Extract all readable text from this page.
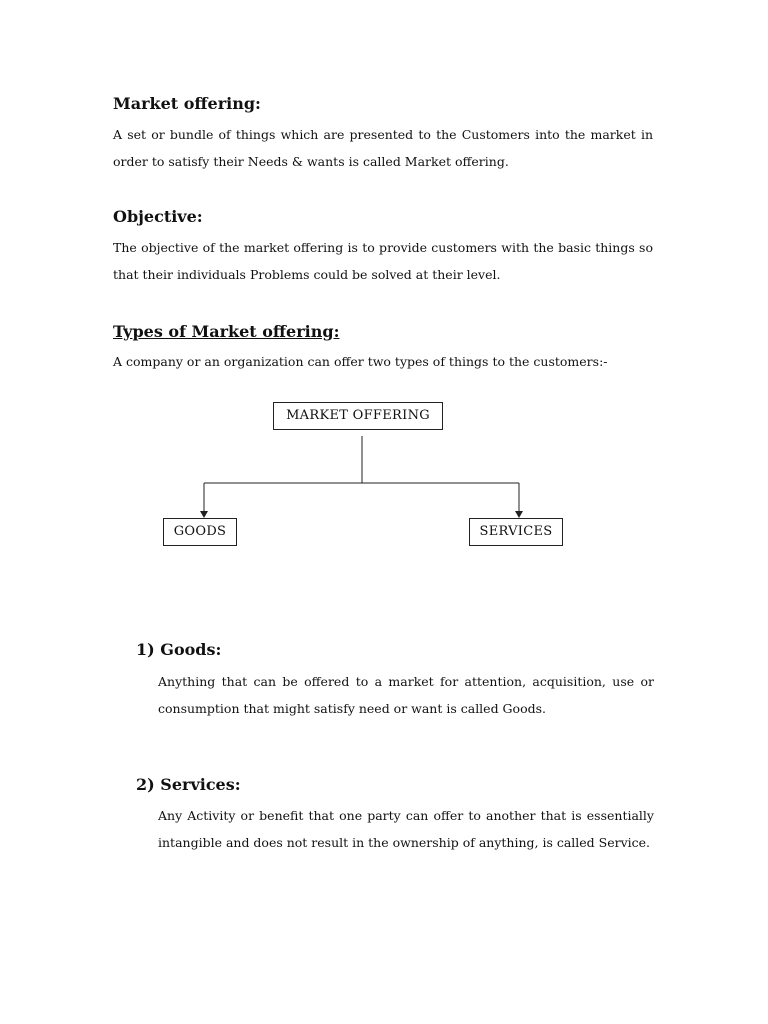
Market offering:

A set or bundle of things which are presented to the Customers into the market in order to satisfy their Needs & wants is called Market offering.

Objective:

The objective of the market offering is to provide customers with the basic things so that their individuals Problems could be solved at their level.

Types of Market offering:

A company or an organization can offer two types of things to the customers:-

MARKET OFFERING
GOODS	SERVICES
1) Goods:

Anything that can be offered to a market for attention, acquisition, use or consumption that might satisfy need or want is called Goods.

2) Services:

Any Activity or benefit that one party can offer to another that is essentially intangible and does not result in the ownership of anything, is called Service.
